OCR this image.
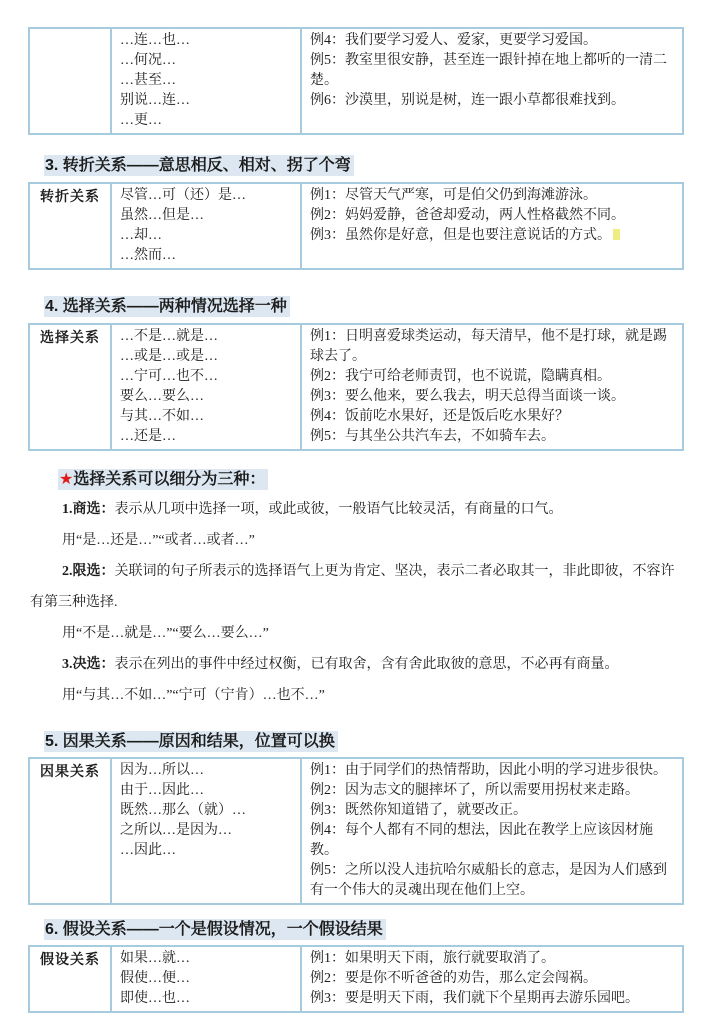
…连…也…
…何况…
…甚至…
别说…连…
…更…

例4：我们要学习爱人、爱家，更要学习爱国。
例5：教室里很安静，甚至连一跟针掉在地上都听的一清二楚。
例6：沙漠里，别说是树，连一跟小草都很难找到。
3. 转折关系——意思相反、相对、拐了个弯
转折关系	尽管…可（还）是…
虽然…但是…
…却…
…然而…

例1：尽管天气严寒，可是伯父仍到海滩游泳。
例2：妈妈爱静，爸爸却爱动，两人性格截然不同。
例3：虽然你是好意，但是也要注意说话的方式。
4. 选择关系——两种情况选择一种
选择关系	…不是…就是…
…或是…或是…
…宁可…也不…
要么…要么…
与其…不如…
…还是…

例1：日明喜爱球类运动，每天清早，他不是打球，就是踢球去了。
例2：我宁可给老师责罚，也不说谎，隐瞒真相。
例3：要么他来，要么我去，明天总得当面谈一谈。
例4：饭前吃水果好，还是饭后吃水果好？
例5：与其坐公共汽车去，不如骑车去。
★选择关系可以细分为三种：

1.商选：表示从几项中选择一项，或此或彼，一般语气比较灵活，有商量的口气。

用“是…还是…”“或者…或者…”

2.限选：关联词的句子所表示的选择语气上更为肯定、坚决，表示二者必取其一，非此即彼，不容许有第三种选择.

用“不是…就是…”“要么…要么…”

3.决选：表示在列出的事件中经过权衡，已有取舍，含有舍此取彼的意思，不必再有商量。

用“与其…不如…”“宁可（宁肯）…也不…”

5. 因果关系——原因和结果，位置可以换
因果关系	因为…所以…
由于…因此…
既然…那么（就）…
之所以…是因为…
…因此…

例1：由于同学们的热情帮助，因此小明的学习进步很快。
例2：因为志文的腿摔坏了，所以需要用拐杖来走路。
例3：既然你知道错了，就要改正。
例4：每个人都有不同的想法，因此在教学上应该因材施教。
例5：之所以没人违抗哈尔威船长的意志，是因为人们感到有一个伟大的灵魂出现在他们上空。
6. 假设关系——一个是假设情况，一个假设结果
假设关系	如果…就…
假使…便…
即使…也…

例1：如果明天下雨，旅行就要取消了。
例2：要是你不听爸爸的劝告，那么定会闯祸。
例3：要是明天下雨，我们就下个星期再去游乐园吧。
